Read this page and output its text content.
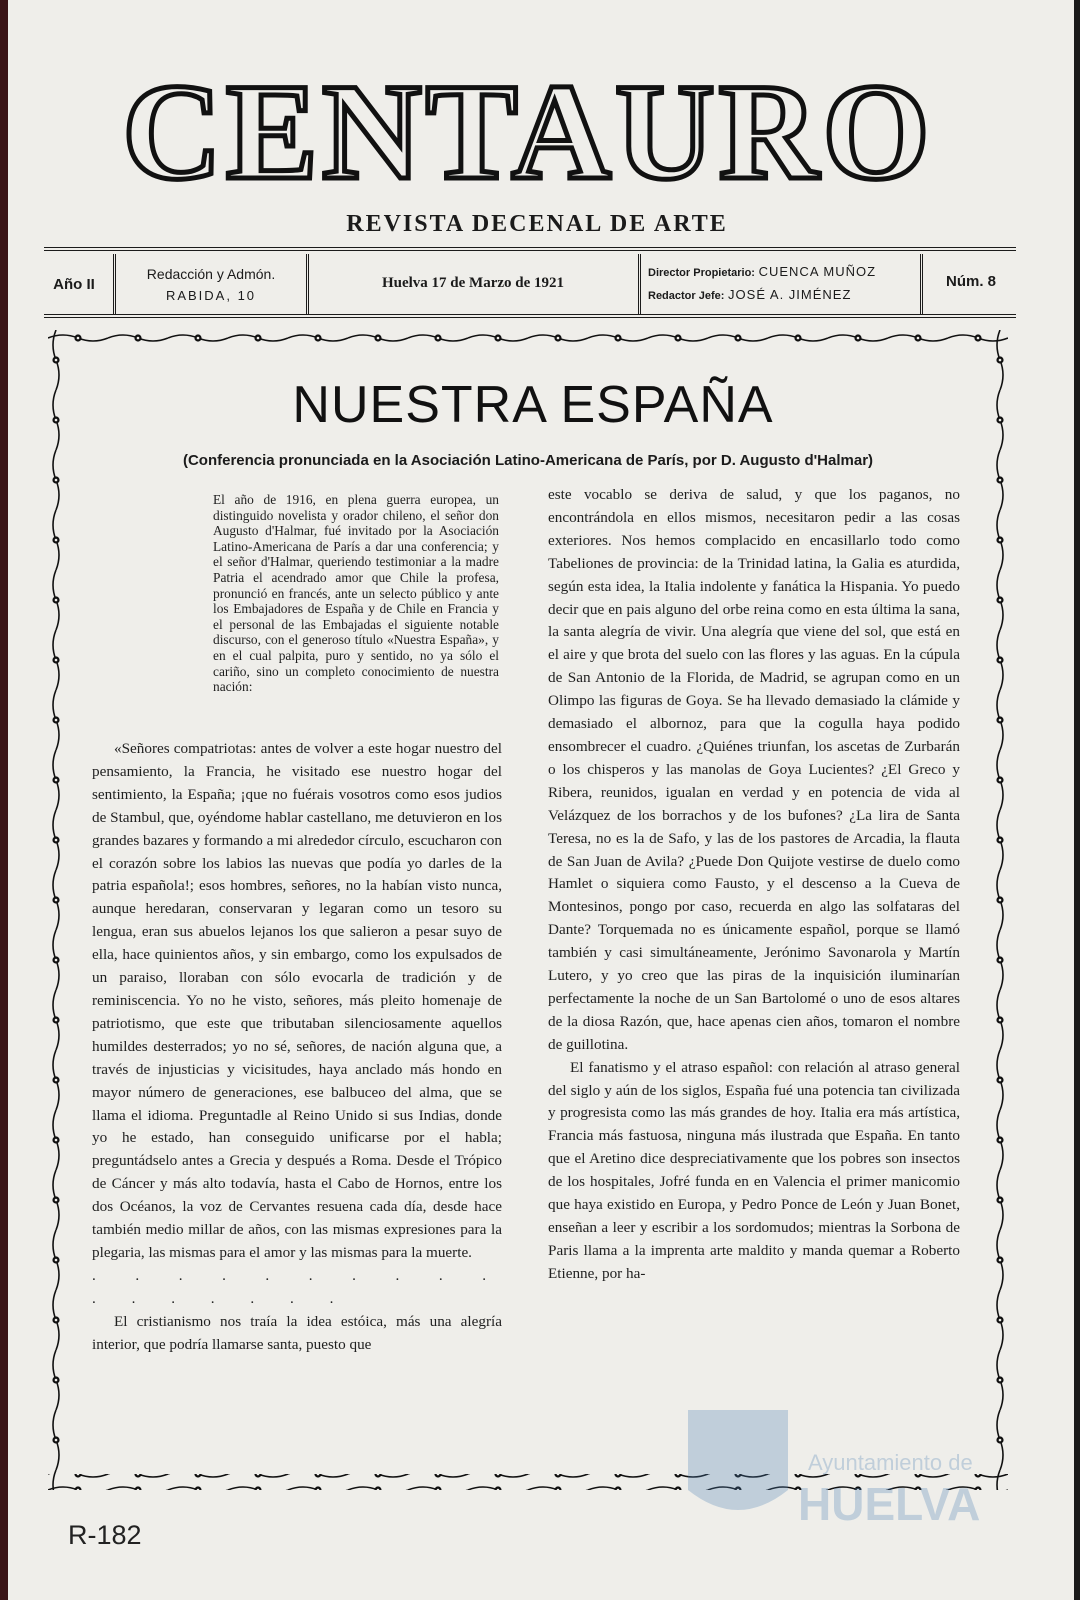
CENTAURO
REVISTA DECENAL DE ARTE
Año II
Redacción y Admón.
RABIDA, 10
Huelva 17 de Marzo de 1921
Director Propietario: CUENCA MUÑOZ
Redactor Jefe: JOSÉ A. JIMÉNEZ
Núm. 8
NUESTRA ESPAÑA
(Conferencia pronunciada en la Asociación Latino-Americana de París, por D. Augusto d'Halmar)
El año de 1916, en plena guerra europea, un distinguido novelista y orador chileno, el señor don Augusto d'Halmar, fué invitado por la Asociación Latino-Americana de París a dar una conferencia; y el señor d'Halmar, queriendo testimoniar a la madre Patria el acendrado amor que Chile la profesa, pronunció en francés, ante un selecto público y ante los Embajadores de España y de Chile en Francia y el personal de las Embajadas el siguiente notable discurso, con el generoso título «Nuestra España», y en el cual palpita, puro y sentido, no ya sólo el cariño, sino un completo conocimiento de nuestra nación:

«Señores compatriotas: antes de volver a este hogar nuestro del pensamiento, la Francia, he visitado ese nuestro hogar del sentimiento, la España; ¡que no fuérais vosotros como esos judios de Stambul, que, oyéndome hablar castellano, me detuvieron en los grandes bazares y formando a mi alrededor círculo, escucharon con el corazón sobre los labios las nuevas que podía yo darles de la patria española!; esos hombres, señores, no la habían visto nunca, aunque heredaran, conservaran y legaran como un tesoro su lengua, eran sus abuelos lejanos los que salieron a pesar suyo de ella, hace quinientos años, y sin embargo, como los expulsados de un paraiso, lloraban con sólo evocarla de tradición y de reminiscencia. Yo no he visto, señores, más pleito homenaje de patriotismo, que este que tributaban silenciosamente aquellos humildes desterrados; yo no sé, señores, de nación alguna que, a través de injusticias y vicisitudes, haya anclado más hondo en mayor número de generaciones, ese balbuceo del alma, que se llama el idioma. Preguntadle al Reino Unido si sus Indias, donde yo he estado, han conseguido unificarse por el habla; preguntádselo antes a Grecia y después a Roma. Desde el Trópico de Cáncer y más alto todavía, hasta el Cabo de Hornos, entre los dos Océanos, la voz de Cervantes resuena cada día, desde hace también medio millar de años, con las mismas expresiones para la plegaria, las mismas para el amor y las mismas para la muerte.

. . . . . . . . . . . . . . . . .

El cristianismo nos traía la idea estóica, más una alegría interior, que podría llamarse santa, puesto que

este vocablo se deriva de salud, y que los paganos, no encontrándola en ellos mismos, necesitaron pedir a las cosas exteriores. Nos hemos complacido en encasillarlo todo como Tabeliones de provincia: de la Trinidad latina, la Galia es aturdida, según esta idea, la Italia indolente y fanática la Hispania. Yo puedo decir que en pais alguno del orbe reina como en esta última la sana, la santa alegría de vivir. Una alegría que viene del sol, que está en el aire y que brota del suelo con las flores y las aguas. En la cúpula de San Antonio de la Florida, de Madrid, se agrupan como en un Olimpo las figuras de Goya. Se ha llevado demasiado la clámide y demasiado el albornoz, para que la cogulla haya podido ensombrecer el cuadro. ¿Quiénes triunfan, los ascetas de Zurbarán o los chisperos y las manolas de Goya Lucientes? ¿El Greco y Ribera, reunidos, igualan en verdad y en potencia de vida al Velázquez de los borrachos y de los bufones? ¿La lira de Santa Teresa, no es la de Safo, y las de los pastores de Arcadia, la flauta de San Juan de Avila? ¿Puede Don Quijote vestirse de duelo como Hamlet o siquiera como Fausto, y el descenso a la Cueva de Montesinos, pongo por caso, recuerda en algo las solfataras del Dante? Torquemada no es únicamente español, porque se llamó también y casi simultáneamente, Jerónimo Savonarola y Martín Lutero, y yo creo que las piras de la inquisición iluminarían perfectamente la noche de un San Bartolomé o uno de esos altares de la diosa Razón, que, hace apenas cien años, tomaron el nombre de guillotina.

El fanatismo y el atraso español: con relación al atraso general del siglo y aún de los siglos, España fué una potencia tan civilizada y progresista como las más grandes de hoy. Italia era más artística, Francia más fastuosa, ninguna más ilustrada que España. En tanto que el Aretino dice despreciativamente que los pobres son insectos de los hospitales, Jofré funda en en Valencia el primer manicomio que haya existido en Europa, y Pedro Ponce de León y Juan Bonet, enseñan a leer y escribir a los sordomudos; mientras la Sorbona de Paris llama a la imprenta arte maldito y manda quemar a Roberto Etienne, por ha-

R-182
Ayuntamiento de
HUELVA
